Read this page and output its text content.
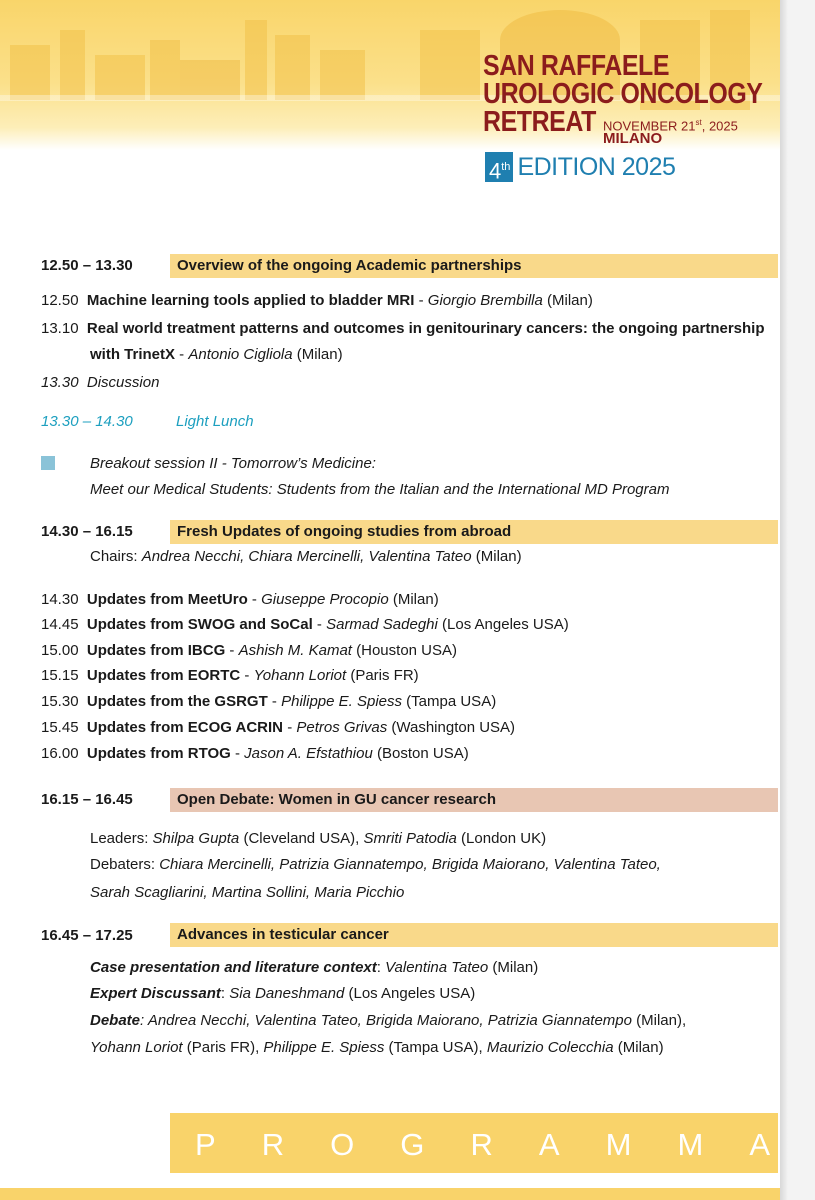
SAN RAFFAELE
UROLOGIC ONCOLOGY
RETREAT NOVEMBER 21st, 2025
MILANO
4th EDITION 2025
12.50 – 13.30	Overview of the ongoing Academic partnerships
12.50 Machine learning tools applied to bladder MRI - Giorgio Brembilla (Milan)
13.10 Real world treatment patterns and outcomes in genitourinary cancers: the ongoing partnership
with TrinetX - Antonio Cigliola (Milan)
13.30 Discussion
13.30 – 14.30	Light Lunch
Breakout session II - Tomorrow’s Medicine:
Meet our Medical Students: Students from the Italian and the International MD Program
14.30 – 16.15	Fresh Updates of ongoing studies from abroad
Chairs: Andrea Necchi, Chiara Mercinelli, Valentina Tateo (Milan)
14.30 Updates from MeetUro - Giuseppe Procopio (Milan)
14.45 Updates from SWOG and SoCal - Sarmad Sadeghi (Los Angeles USA)
15.00 Updates from IBCG - Ashish M. Kamat (Houston USA)
15.15 Updates from EORTC - Yohann Loriot (Paris FR)
15.30 Updates from the GSRGT - Philippe E. Spiess (Tampa USA)
15.45 Updates from ECOG ACRIN - Petros Grivas (Washington USA)
16.00 Updates from RTOG - Jason A. Efstathiou (Boston USA)
16.15 – 16.45	Open Debate: Women in GU cancer research
Leaders: Shilpa Gupta (Cleveland USA), Smriti Patodia (London UK)
Debaters: Chiara Mercinelli, Patrizia Giannatempo, Brigida Maiorano, Valentina Tateo,
Sarah Scagliarini, Martina Sollini, Maria Picchio
16.45 – 17.25	Advances in testicular cancer
Case presentation and literature context: Valentina Tateo (Milan)
Expert Discussant: Sia Daneshmand (Los Angeles USA)
Debate: Andrea Necchi, Valentina Tateo, Brigida Maiorano, Patrizia Giannatempo (Milan),
Yohann Loriot (Paris FR), Philippe E. Spiess (Tampa USA), Maurizio Colecchia (Milan)
P R O G R A M M A
